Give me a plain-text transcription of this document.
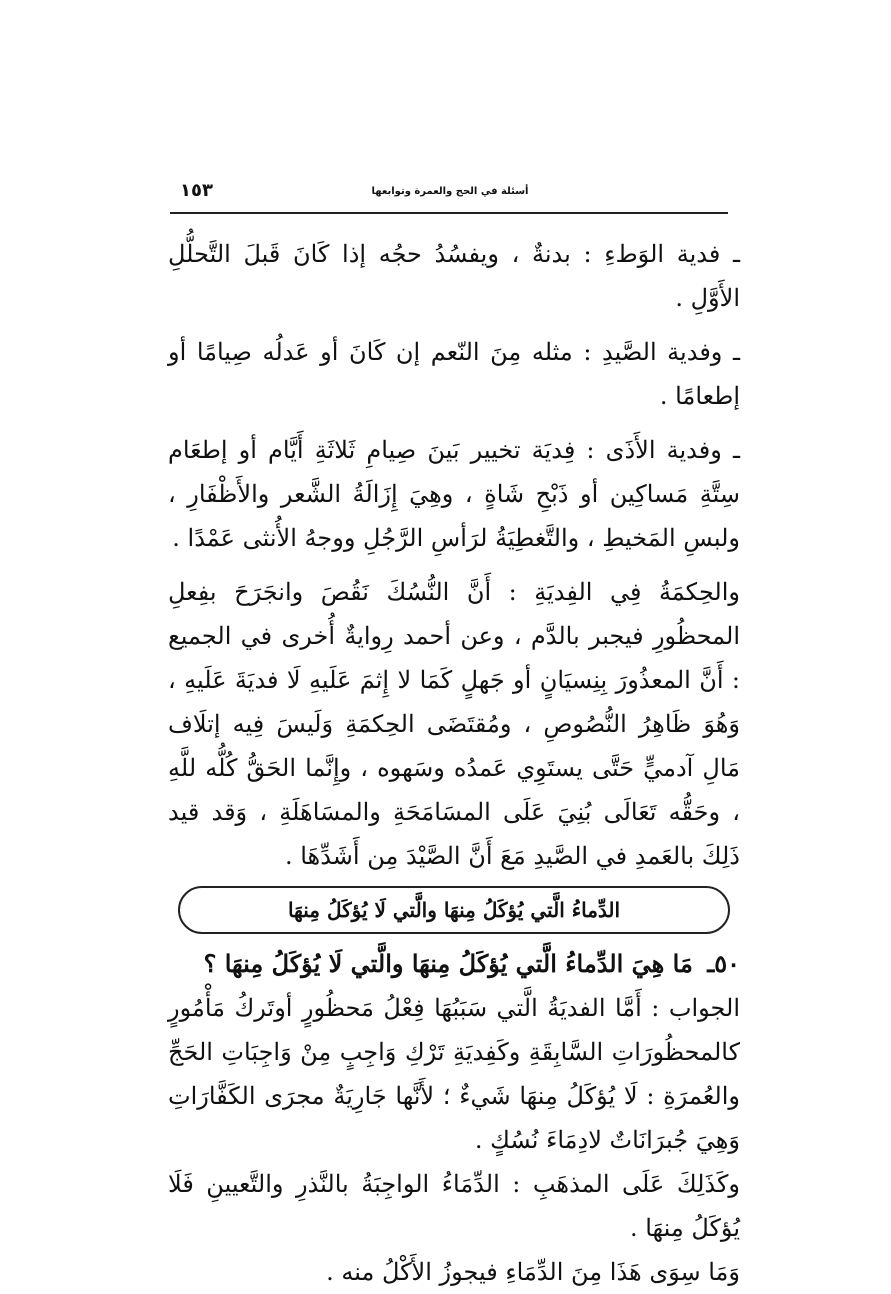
١٥٣	أسئلة في الحج والعمرة وتوابعها

ـ فدية الوَطءِ : بدنةٌ ، ويفسُدُ حجُه إذا كَانَ قَبلَ التَّحلُّلِ الأَوَّلِ .

ـ وفدية الصَّيدِ : مثله مِنَ النّعم إن كَانَ أو عَدلُه صِيامًا أو إطعامًا .

ـ وفدية الأَذَى : فِديَة تخيير بَينَ صِيامِ ثَلاثَةِ أَيَّام أو إطعَام سِتَّةِ مَساكِين أو ذَبْحِ شَاةٍ ، وهِيَ إِزَالَةُ الشَّعر والأَظْفَارِ ، ولبسِ المَخيطِ ، والتَّغطِيَةُ لرَأسِ الرَّجُلِ ووجهُ الأُنثى عَمْدًا .

والحِكمَةُ فِي الفِديَةِ : أَنَّ النُّسُكَ نَقُصَ وانجَرَحَ بفِعلِ المحظُورِ فيجبر بالدَّم ، وعن أحمد رِوايةٌ أُخرى في الجميع : أَنَّ المعذُورَ بِنِسيَانٍ أو جَهلٍ كَمَا لا إِثمَ عَلَيهِ لَا فديَةَ عَلَيهِ ، وَهُوَ ظَاهِرُ النُّصُوصِ ، ومُقتَضَى الحِكمَةِ وَلَيسَ فِيه إتلَاف مَالِ آدميٍّ حَتَّى يستَوِي عَمدُه وسَهوه ، وإِنَّما الحَقُّ كُلُّه للَّهِ ، وحَقُّه تَعَالَى بُنِيَ عَلَى المسَامَحَةِ والمسَاهَلَةِ ، وَقد قيد ذَلِكَ بالعَمدِ في الصَّيدِ مَعَ أَنَّ الصَّيْدَ مِن أَشَدِّهَا .

الدِّماءُ الَّتي يُؤكَلُ مِنهَا والَّتي لَا يُؤكَلُ مِنهَا

٥٠ـ مَا هِيَ الدِّماءُ الَّتي يُؤكَلُ مِنهَا والَّتي لَا يُؤكَلُ مِنهَا ؟

الجواب : أَمَّا الفديَةُ الَّتي سَبَبُهَا فِعْلُ مَحظُورٍ أوتَركُ مَأْمُورٍ كالمحظُورَاتِ السَّابِقَةِ وكَفِديَةِ تَرْكِ وَاجِبٍ مِنْ وَاجِبَاتِ الحَجِّ والعُمرَةِ : لَا يُؤكَلُ مِنهَا شَيءٌ ؛ لأَنَّها جَارِيَةٌ مجرَى الكَفَّارَاتِ وَهِيَ جُبرَانَاتٌ لادِمَاءَ نُسُكٍ .

وكَذَلِكَ عَلَى المذهَبِ : الدِّمَاءُ الواجِبَةُ بالنَّذرِ والتَّعيينِ فَلَا يُؤكَلُ مِنهَا .

وَمَا سِوَى هَذَا مِنَ الدِّمَاءِ فيجوزُ الأَكْلُ منه .
